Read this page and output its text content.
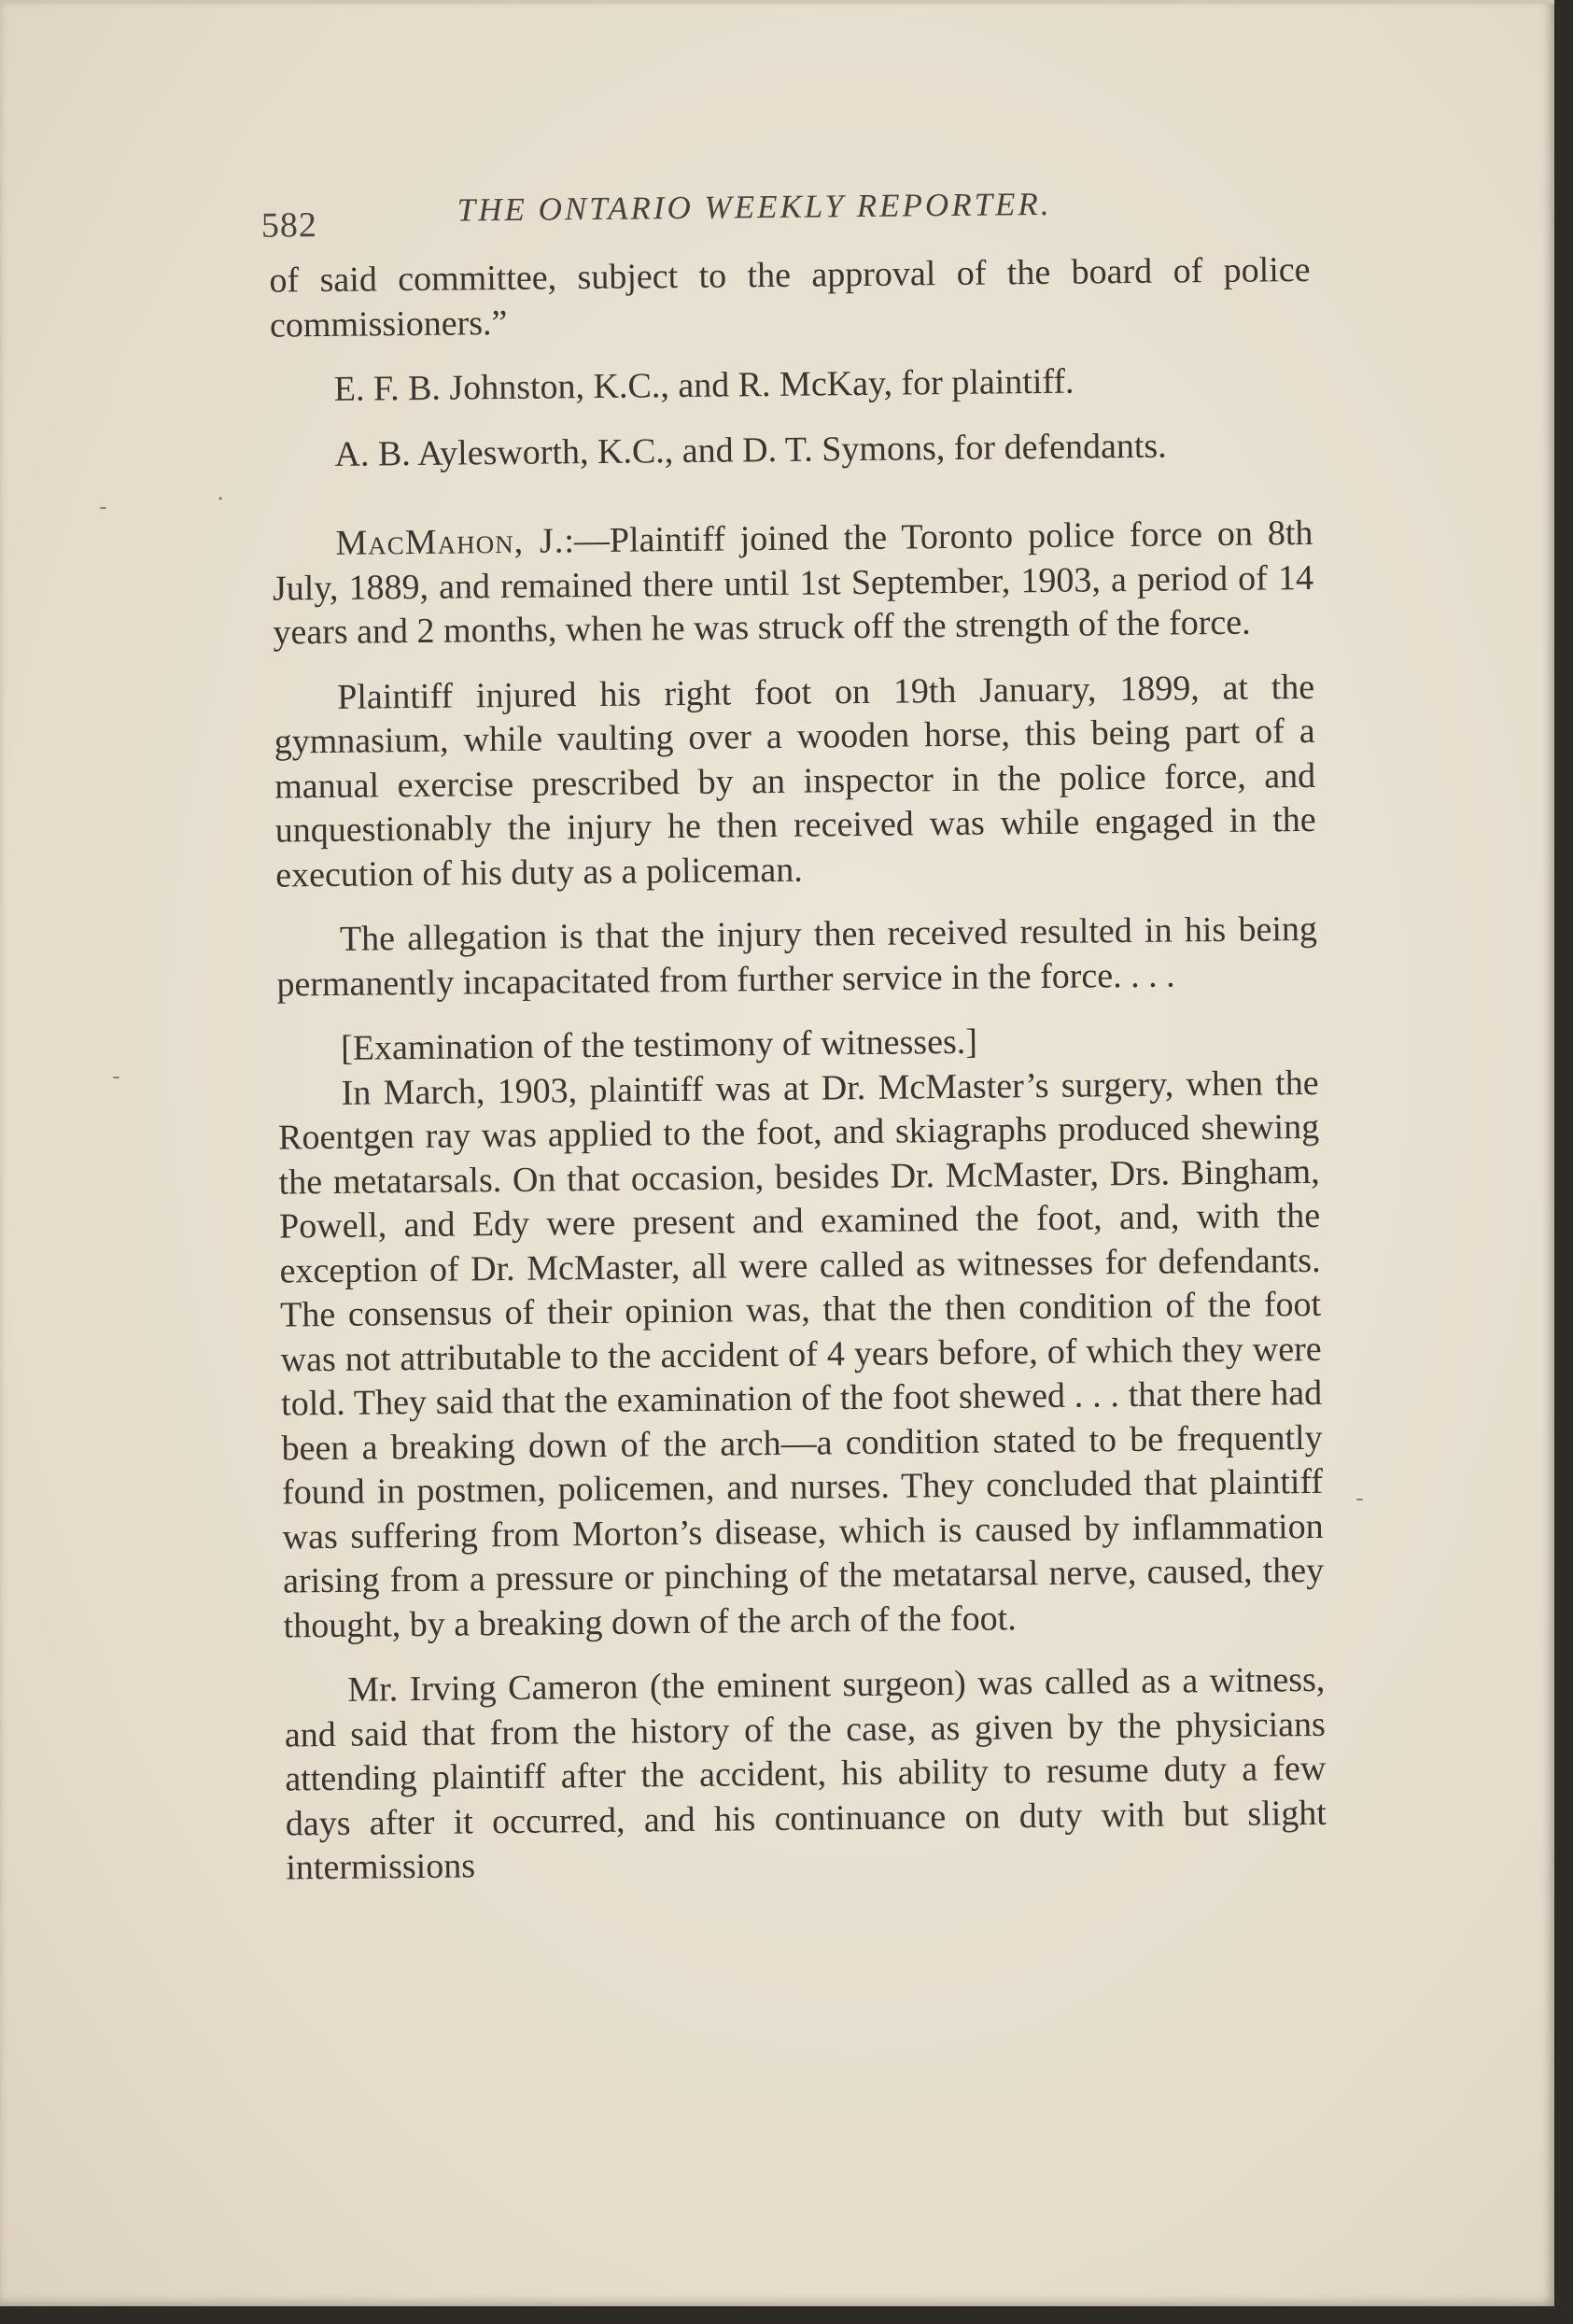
582	THE ONTARIO WEEKLY REPORTER.

of said committee, subject to the approval of the board of police commissioners.”

E. F. B. Johnston, K.C., and R. McKay, for plaintiff.

A. B. Aylesworth, K.C., and D. T. Symons, for defendants.

MacMahon, J.:—Plaintiff joined the Toronto police force on 8th July, 1889, and remained there until 1st September, 1903, a period of 14 years and 2 months, when he was struck off the strength of the force.

Plaintiff injured his right foot on 19th January, 1899, at the gymnasium, while vaulting over a wooden horse, this being part of a manual exercise prescribed by an inspector in the police force, and unquestionably the injury he then received was while engaged in the execution of his duty as a policeman.

The allegation is that the injury then received resulted in his being permanently incapacitated from further service in the force. . . .

[Examination of the testimony of witnesses.]

In March, 1903, plaintiff was at Dr. McMaster’s surgery, when the Roentgen ray was applied to the foot, and skiagraphs produced shewing the metatarsals. On that occasion, besides Dr. McMaster, Drs. Bingham, Powell, and Edy were present and examined the foot, and, with the exception of Dr. McMaster, all were called as witnesses for defendants. The consensus of their opinion was, that the then condition of the foot was not attributable to the accident of 4 years before, of which they were told. They said that the examination of the foot shewed . . . that there had been a breaking down of the arch—a condition stated to be frequently found in postmen, policemen, and nurses. They concluded that plaintiff was suffering from Morton’s disease, which is caused by inflammation arising from a pressure or pinching of the metatarsal nerve, caused, they thought, by a breaking down of the arch of the foot.

Mr. Irving Cameron (the eminent surgeon) was called as a witness, and said that from the history of the case, as given by the physicians attending plaintiff after the accident, his ability to resume duty a few days after it occurred, and his continuance on duty with but slight intermissions

-	·
-
-
